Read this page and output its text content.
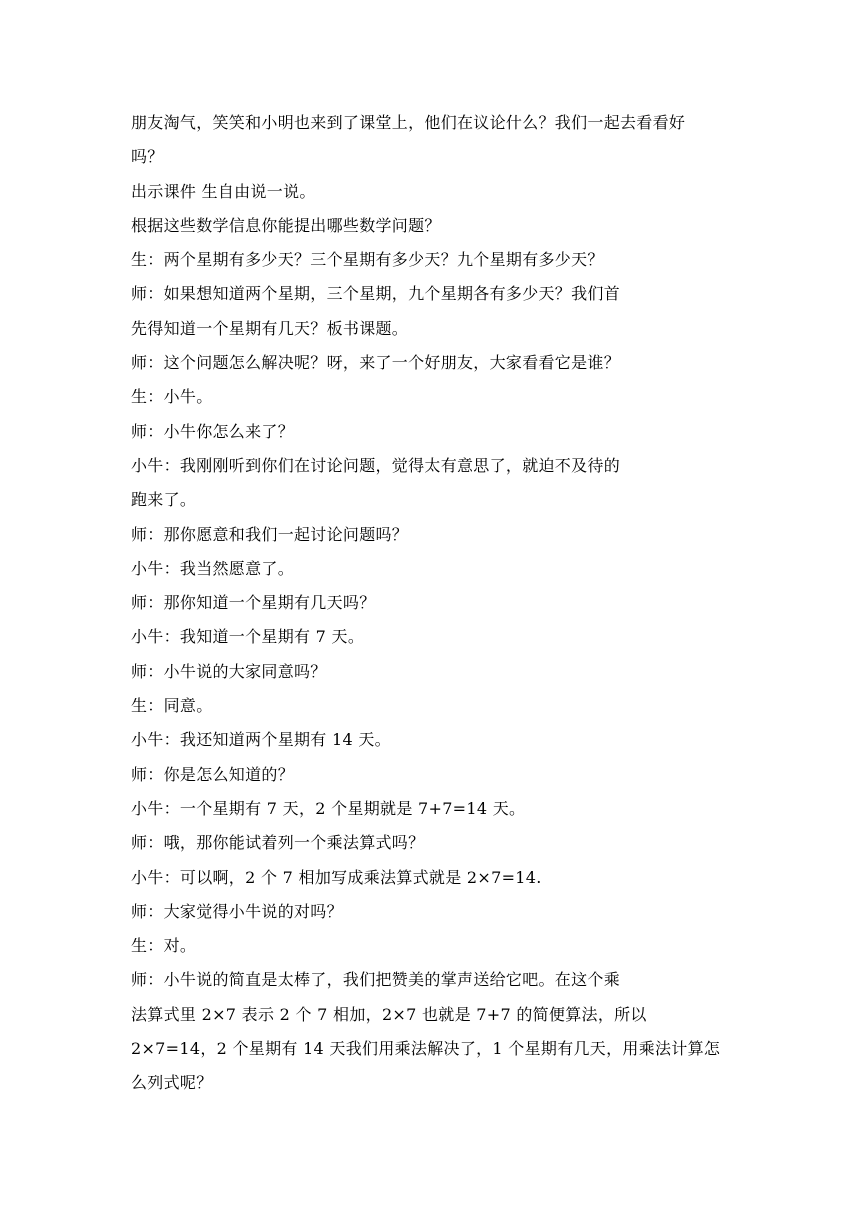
朋友淘气，笑笑和小明也来到了课堂上，他们在议论什么？我们一起去看看好
吗？
出示课件 生自由说一说。
根据这些数学信息你能提出哪些数学问题？
生：两个星期有多少天？三个星期有多少天？九个星期有多少天？
师：如果想知道两个星期，三个星期，九个星期各有多少天？我们首
先得知道一个星期有几天？板书课题。
师：这个问题怎么解决呢？呀，来了一个好朋友，大家看看它是谁？
生：小牛。
师：小牛你怎么来了？
小牛：我刚刚听到你们在讨论问题，觉得太有意思了，就迫不及待的
跑来了。
师：那你愿意和我们一起讨论问题吗？
小牛：我当然愿意了。
师：那你知道一个星期有几天吗？
小牛：我知道一个星期有 7 天。
师：小牛说的大家同意吗？
生：同意。
小牛：我还知道两个星期有 14 天。
师：你是怎么知道的？
小牛：一个星期有 7 天，2 个星期就是 7+7=14 天。
师：哦，那你能试着列一个乘法算式吗？
小牛：可以啊，2 个 7 相加写成乘法算式就是 2×7=14.
师：大家觉得小牛说的对吗？
生：对。
师：小牛说的简直是太棒了，我们把赞美的掌声送给它吧。在这个乘
法算式里 2×7 表示 2 个 7 相加，2×7 也就是 7+7 的简便算法，所以
2×7=14，2 个星期有 14 天我们用乘法解决了，1 个星期有几天，用乘法计算怎
么列式呢？
